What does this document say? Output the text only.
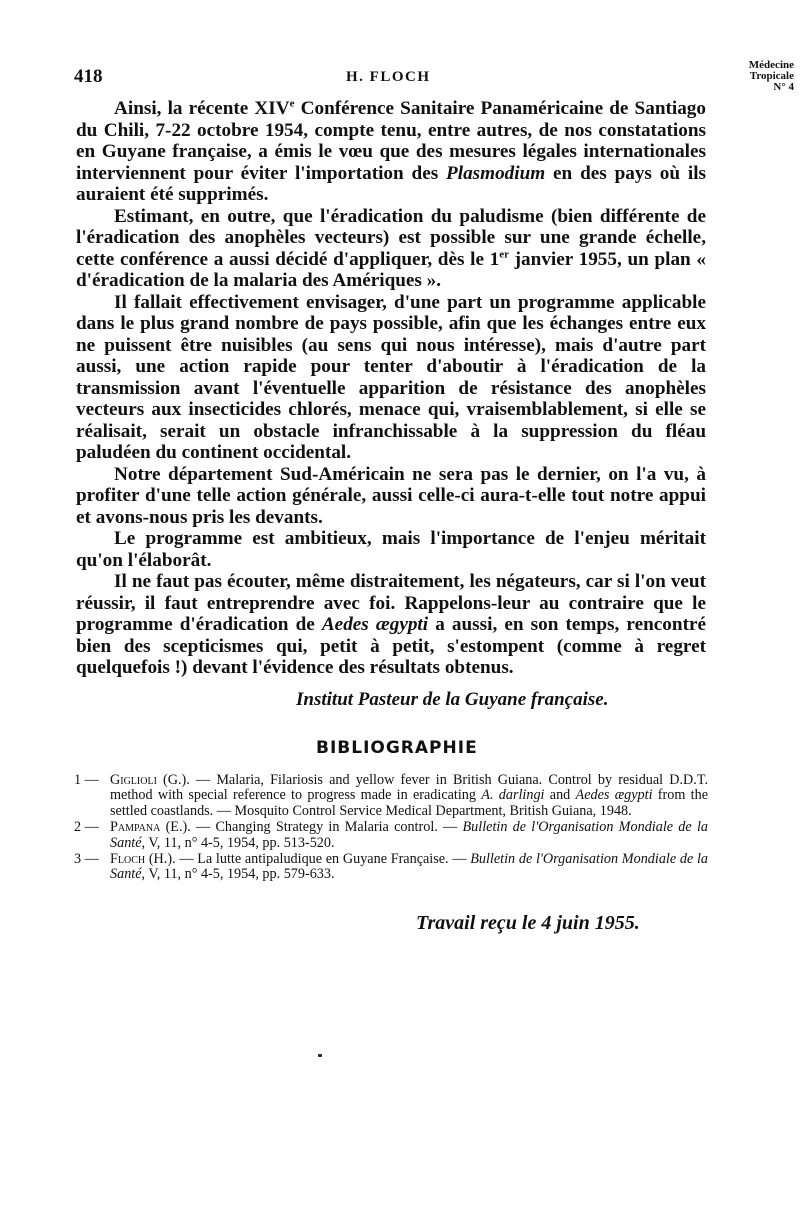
418	H. FLOCH
Médecine
Tropicale
N° 4

Ainsi, la récente XIVe Conférence Sanitaire Panaméricaine de Santiago du Chili, 7-22 octobre 1954, compte tenu, entre autres, de nos constatations en Guyane française, a émis le vœu que des mesures légales internationales interviennent pour éviter l'importation des Plasmodium en des pays où ils auraient été supprimés.

Estimant, en outre, que l'éradication du paludisme (bien différente de l'éradication des anophèles vecteurs) est possible sur une grande échelle, cette conférence a aussi décidé d'appliquer, dès le 1er janvier 1955, un plan « d'éradication de la malaria des Amériques ».

Il fallait effectivement envisager, d'une part un programme applicable dans le plus grand nombre de pays possible, afin que les échanges entre eux ne puissent être nuisibles (au sens qui nous intéresse), mais d'autre part aussi, une action rapide pour tenter d'aboutir à l'éradication de la transmission avant l'éventuelle apparition de résistance des anophèles vecteurs aux insecticides chlorés, menace qui, vraisemblablement, si elle se réalisait, serait un obstacle infranchissable à la suppression du fléau paludéen du continent occidental.

Notre département Sud-Américain ne sera pas le dernier, on l'a vu, à profiter d'une telle action générale, aussi celle-ci aura-t-elle tout notre appui et avons-nous pris les devants.

Le programme est ambitieux, mais l'importance de l'enjeu méritait qu'on l'élaborât.

Il ne faut pas écouter, même distraitement, les négateurs, car si l'on veut réussir, il faut entreprendre avec foi. Rappelons-leur au contraire que le programme d'éradication de Aedes ægypti a aussi, en son temps, rencontré bien des scepticismes qui, petit à petit, s'estompent (comme à regret quelquefois !) devant l'évidence des résultats obtenus.

Institut Pasteur de la Guyane française.
BIBLIOGRAPHIE
1 — Giglioli (G.). — Malaria, Filariosis and yellow fever in British Guiana. Control by residual D.D.T. method with special reference to progress made in eradicating A. darlingi and Aedes ægypti from the settled coastlands. — Mosquito Control Service Medical Department, British Guiana, 1948.
2 — Pampana (E.). — Changing Strategy in Malaria control. — Bulletin de l'Organisation Mondiale de la Santé, V, 11, n° 4-5, 1954, pp. 513-520.
3 — Floch (H.). — La lutte antipaludique en Guyane Française. — Bulletin de l'Organisation Mondiale de la Santé, V, 11, n° 4-5, 1954, pp. 579-633.
Travail reçu le 4 juin 1955.
